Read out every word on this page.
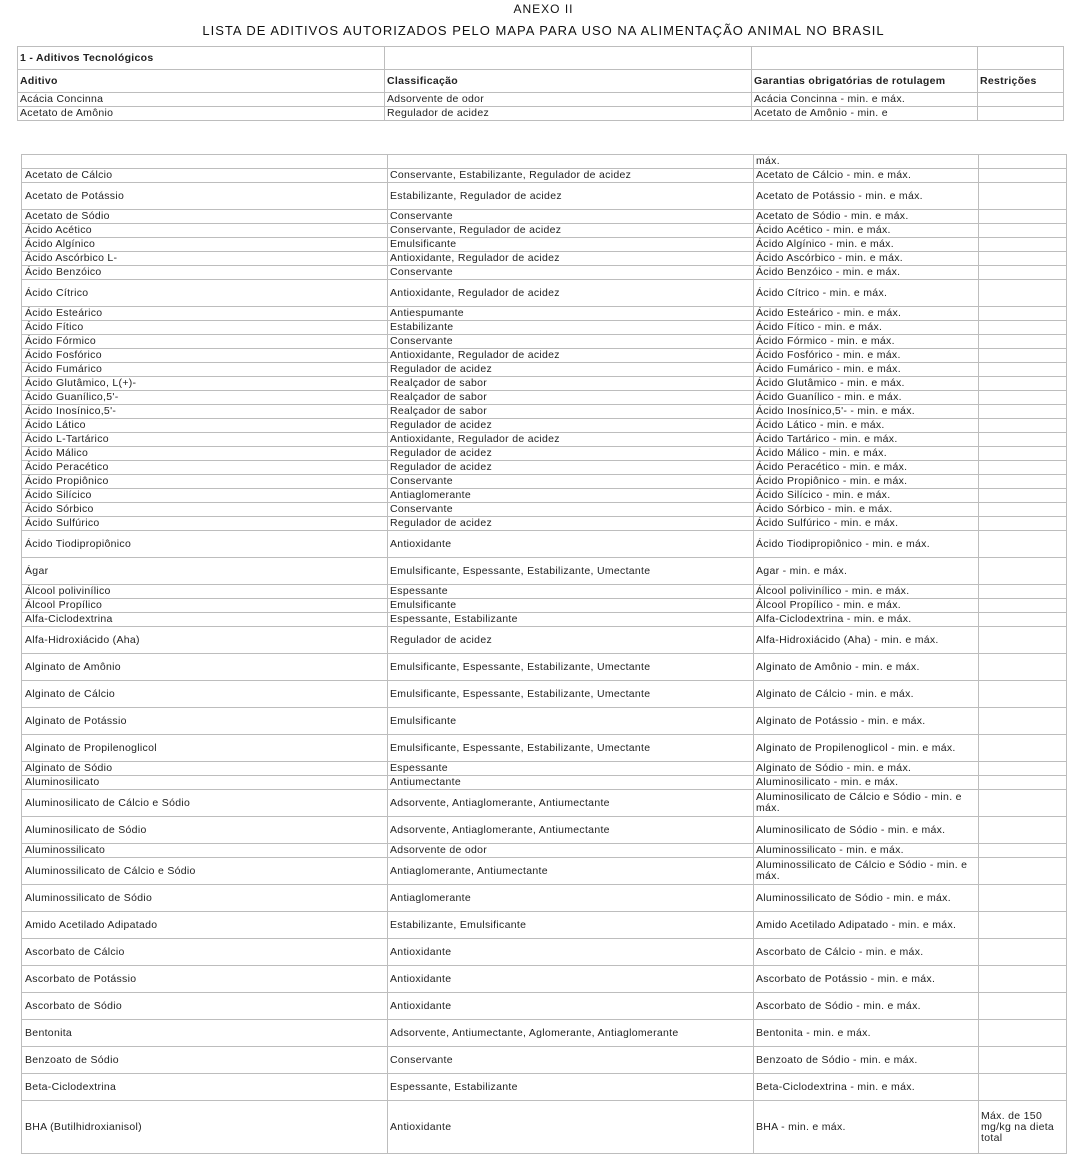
ANEXO II
LISTA DE ADITIVOS AUTORIZADOS PELO MAPA PARA USO NA ALIMENTAÇÃO ANIMAL NO BRASIL
1 - Aditivos Tecnológicos			
Aditivo	Classificação	Garantias obrigatórias de rotulagem	Restrições
Acácia Concinna	Adsorvente de odor	Acácia Concinna - min. e máx.	
Acetato de Amônio	Regulador de acidez	Acetato de Amônio - min. e	
		máx.	
Acetato de Cálcio	Conservante, Estabilizante, Regulador de acidez	Acetato de Cálcio - min. e máx.	
Acetato de Potássio	Estabilizante, Regulador de acidez	Acetato de Potássio - min. e máx.	
Acetato de Sódio	Conservante	Acetato de Sódio - min. e máx.	
Ácido Acético	Conservante, Regulador de acidez	Ácido Acético - min. e máx.	
Ácido Algínico	Emulsificante	Ácido Algínico - min. e máx.	
Ácido Ascórbico L-	Antioxidante, Regulador de acidez	Ácido Ascórbico - min. e máx.	
Ácido Benzóico	Conservante	Ácido Benzóico - min. e máx.	
Ácido Cítrico	Antioxidante, Regulador de acidez	Ácido Cítrico - min. e máx.	
Ácido Esteárico	Antiespumante	Ácido Esteárico - min. e máx.	
Ácido Fítico	Estabilizante	Ácido Fítico - min. e máx.	
Ácido Fórmico	Conservante	Ácido Fórmico - min. e máx.	
Ácido Fosfórico	Antioxidante, Regulador de acidez	Ácido Fosfórico - min. e máx.	
Ácido Fumárico	Regulador de acidez	Ácido Fumárico - min. e máx.	
Ácido Glutâmico, L(+)-	Realçador de sabor	Ácido Glutâmico - min. e máx.	
Ácido Guanílico,5'-	Realçador de sabor	Ácido Guanílico - min. e máx.	
Ácido Inosínico,5'-	Realçador de sabor	Ácido Inosínico,5'- - min. e máx.	
Ácido Lático	Regulador de acidez	Ácido Lático - min. e máx.	
Ácido L-Tartárico	Antioxidante, Regulador de acidez	Ácido Tartárico - min. e máx.	
Ácido Málico	Regulador de acidez	Ácido Málico - min. e máx.	
Ácido Peracético	Regulador de acidez	Ácido Peracético - min. e máx.	
Ácido Propiônico	Conservante	Ácido Propiônico - min. e máx.	
Ácido Silícico	Antiaglomerante	Ácido Silícico - min. e máx.	
Ácido Sórbico	Conservante	Ácido Sórbico - min. e máx.	
Ácido Sulfúrico	Regulador de acidez	Ácido Sulfúrico - min. e máx.	
Ácido Tiodipropiônico	Antioxidante	Ácido Tiodipropiônico - min. e máx.	
Ágar	Emulsificante, Espessante, Estabilizante, Umectante	Agar - min. e máx.	
Álcool polivinílico	Espessante	Álcool polivinílico - min. e máx.	
Álcool Propílico	Emulsificante	Álcool Propílico - min. e máx.	
Alfa-Ciclodextrina	Espessante, Estabilizante	Alfa-Ciclodextrina - min. e máx.	
Alfa-Hidroxiácido (Aha)	Regulador de acidez	Alfa-Hidroxiácido (Aha) - min. e máx.	
Alginato de Amônio	Emulsificante, Espessante, Estabilizante, Umectante	Alginato de Amônio - min. e máx.	
Alginato de Cálcio	Emulsificante, Espessante, Estabilizante, Umectante	Alginato de Cálcio - min. e máx.	
Alginato de Potássio	Emulsificante	Alginato de Potássio - min. e máx.	
Alginato de Propilenoglicol	Emulsificante, Espessante, Estabilizante, Umectante	Alginato de Propilenoglicol - min. e máx.	
Alginato de Sódio	Espessante	Alginato de Sódio - min. e máx.	
Aluminosilicato	Antiumectante	Aluminosilicato - min. e máx.	
Aluminosilicato de Cálcio e Sódio	Adsorvente, Antiaglomerante, Antiumectante	Aluminosilicato de Cálcio e Sódio - min. e máx.	
Aluminosilicato de Sódio	Adsorvente, Antiaglomerante, Antiumectante	Aluminosilicato de Sódio - min. e máx.	
Aluminossilicato	Adsorvente de odor	Aluminossilicato - min. e máx.	
Aluminossilicato de Cálcio e Sódio	Antiaglomerante, Antiumectante	Aluminossilicato de Cálcio e Sódio - min. e máx.	
Aluminossilicato de Sódio	Antiaglomerante	Aluminossilicato de Sódio - min. e máx.	
Amido Acetilado Adipatado	Estabilizante, Emulsificante	Amido Acetilado Adipatado - min. e máx.	
Ascorbato de Cálcio	Antioxidante	Ascorbato de Cálcio - min. e máx.	
Ascorbato de Potássio	Antioxidante	Ascorbato de Potássio - min. e máx.	
Ascorbato de Sódio	Antioxidante	Ascorbato de Sódio - min. e máx.	
Bentonita	Adsorvente, Antiumectante, Aglomerante, Antiaglomerante	Bentonita - min. e máx.	
Benzoato de Sódio	Conservante	Benzoato de Sódio - min. e máx.	
Beta-Ciclodextrina	Espessante, Estabilizante	Beta-Ciclodextrina - min. e máx.	
BHA (Butilhidroxianisol)	Antioxidante	BHA - min. e máx.	Máx. de 150 mg/kg na dieta total
